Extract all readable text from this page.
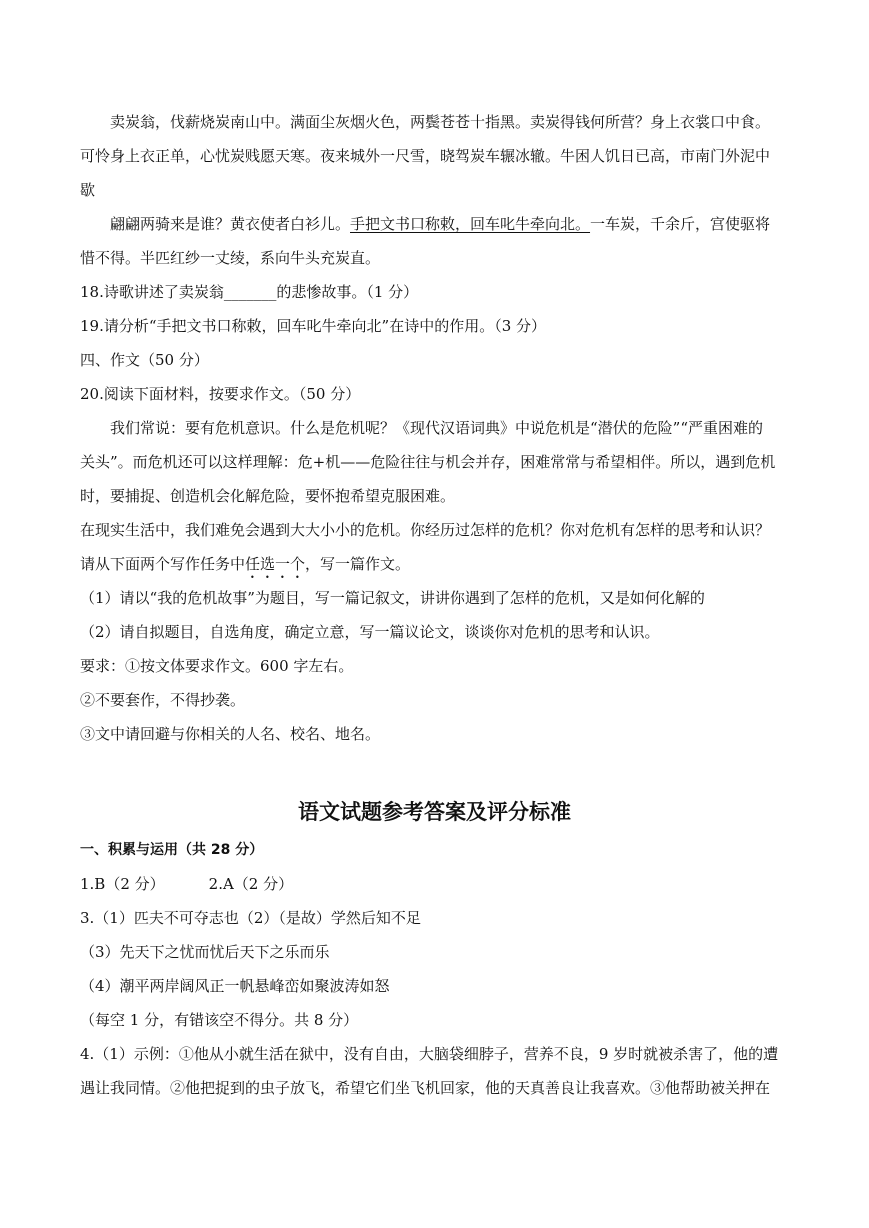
卖炭翁，伐薪烧炭南山中。满面尘灰烟火色，两鬓苍苍十指黑。卖炭得钱何所营？身上衣裳口中食。
可怜身上衣正单，心忧炭贱愿天寒。夜来城外一尺雪，晓驾炭车辗冰辙。牛困人饥日已高，市南门外泥中
歇
翩翩两骑来是谁？黄衣使者白衫儿。手把文书口称敕，回车叱牛牵向北。一车炭，千余斤，宫使驱将
惜不得。半匹红纱一丈绫，系向牛头充炭直。
18.诗歌讲述了卖炭翁_______的悲惨故事。（1 分）
19.请分析“手把文书口称敕，回车叱牛牵向北”在诗中的作用。（3 分）
四、作文（50 分）
20.阅读下面材料，按要求作文。（50 分）
我们常说：要有危机意识。什么是危机呢？《现代汉语词典》中说危机是“潜伏的危险”“严重困难的
关头”。而危机还可以这样理解：危+机——危险往往与机会并存，困难常常与希望相伴。所以，遇到危机
时，要捕捉、创造机会化解危险，要怀抱希望克服困难。
在现实生活中，我们难免会遇到大大小小的危机。你经历过怎样的危机？你对危机有怎样的思考和认识？
请从下面两个写作任务中任选一个，写一篇作文。
（1）请以“我的危机故事”为题目，写一篇记叙文，讲讲你遇到了怎样的危机，又是如何化解的
（2）请自拟题目，自选角度，确定立意，写一篇议论文，谈谈你对危机的思考和认识。
要求：①按文体要求作文。600 字左右。
②不要套作，不得抄袭。
③文中请回避与你相关的人名、校名、地名。
语文试题参考答案及评分标准
一、积累与运用（共 28 分）
1.B（2 分）	2.A（2 分）
3.（1）匹夫不可夺志也（2）（是故）学然后知不足
（3）先天下之忧而忧后天下之乐而乐
（4）潮平两岸阔风正一帆悬峰峦如聚波涛如怒
（每空 1 分，有错该空不得分。共 8 分）
4.（1）示例：①他从小就生活在狱中，没有自由，大脑袋细脖子，营养不良，9 岁时就被杀害了，他的遭
遇让我同情。②他把捉到的虫子放飞，希望它们坐飞机回家，他的天真善良让我喜欢。③他帮助被关押在
